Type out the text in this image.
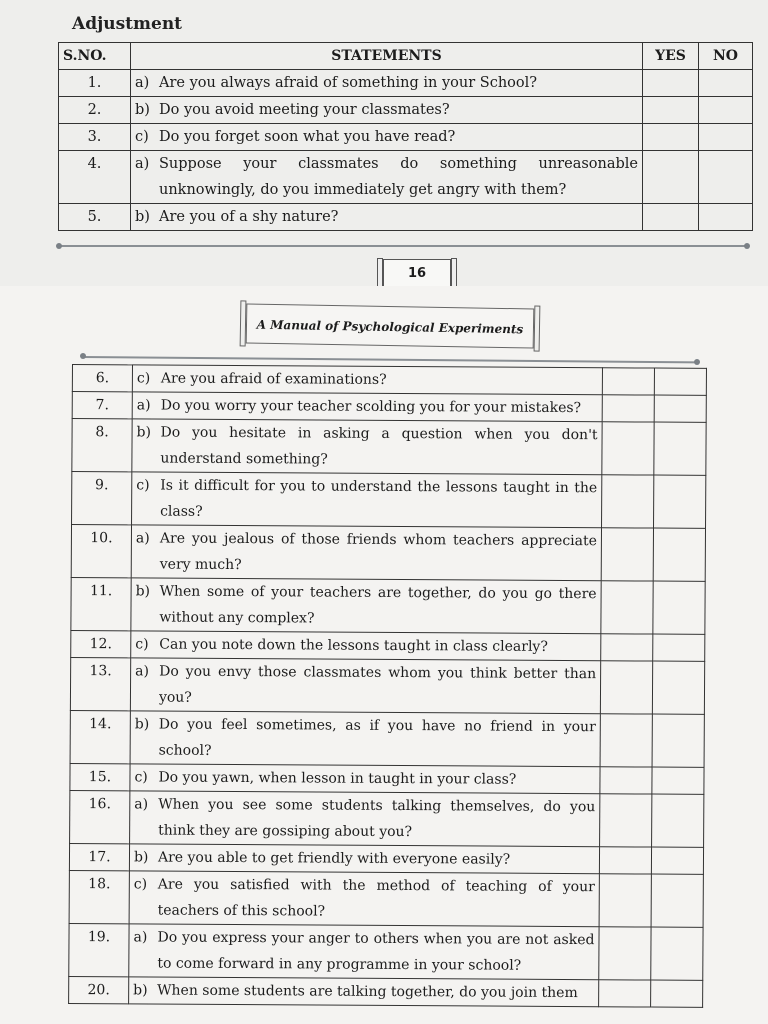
Adjustment
S.NO.	STATEMENTS	YES	NO
1.	a) Are you always afraid of something in your School?		

2.	b) Do you avoid meeting your classmates?		

3.	c) Do you forget soon what you have read?		

4.	a) Suppose your classmates do something unreasonable
unknowingly, do you immediately get angry with them?		

5.	b) Are you of a shy nature?		

16
A Manual of Psychological Experiments
6.	c) Are you afraid of examinations?		

7.	a) Do you worry your teacher scolding you for your mistakes?		

8.	b) Do you hesitate in asking a question when you don't
understand something?		

9.	c) Is it difficult for you to understand the lessons taught in the
class?		

10.	a) Are you jealous of those friends whom teachers appreciate
very much?		

11.	b) When some of your teachers are together, do you go there
without any complex?		

12.	c) Can you note down the lessons taught in class clearly?		

13.	a) Do you envy those classmates whom you think better than
you?		

14.	b) Do you feel sometimes, as if you have no friend in your
school?		

15.	c) Do you yawn, when lesson in taught in your class?		

16.	a) When you see some students talking themselves, do you
think they are gossiping about you?		

17.	b) Are you able to get friendly with everyone easily?		

18.	c) Are you satisfied with the method of teaching of your
teachers of this school?		

19.	a) Do you express your anger to others when you are not asked
to come forward in any programme in your school?		

20.	b) When some students are talking together, do you join them		
